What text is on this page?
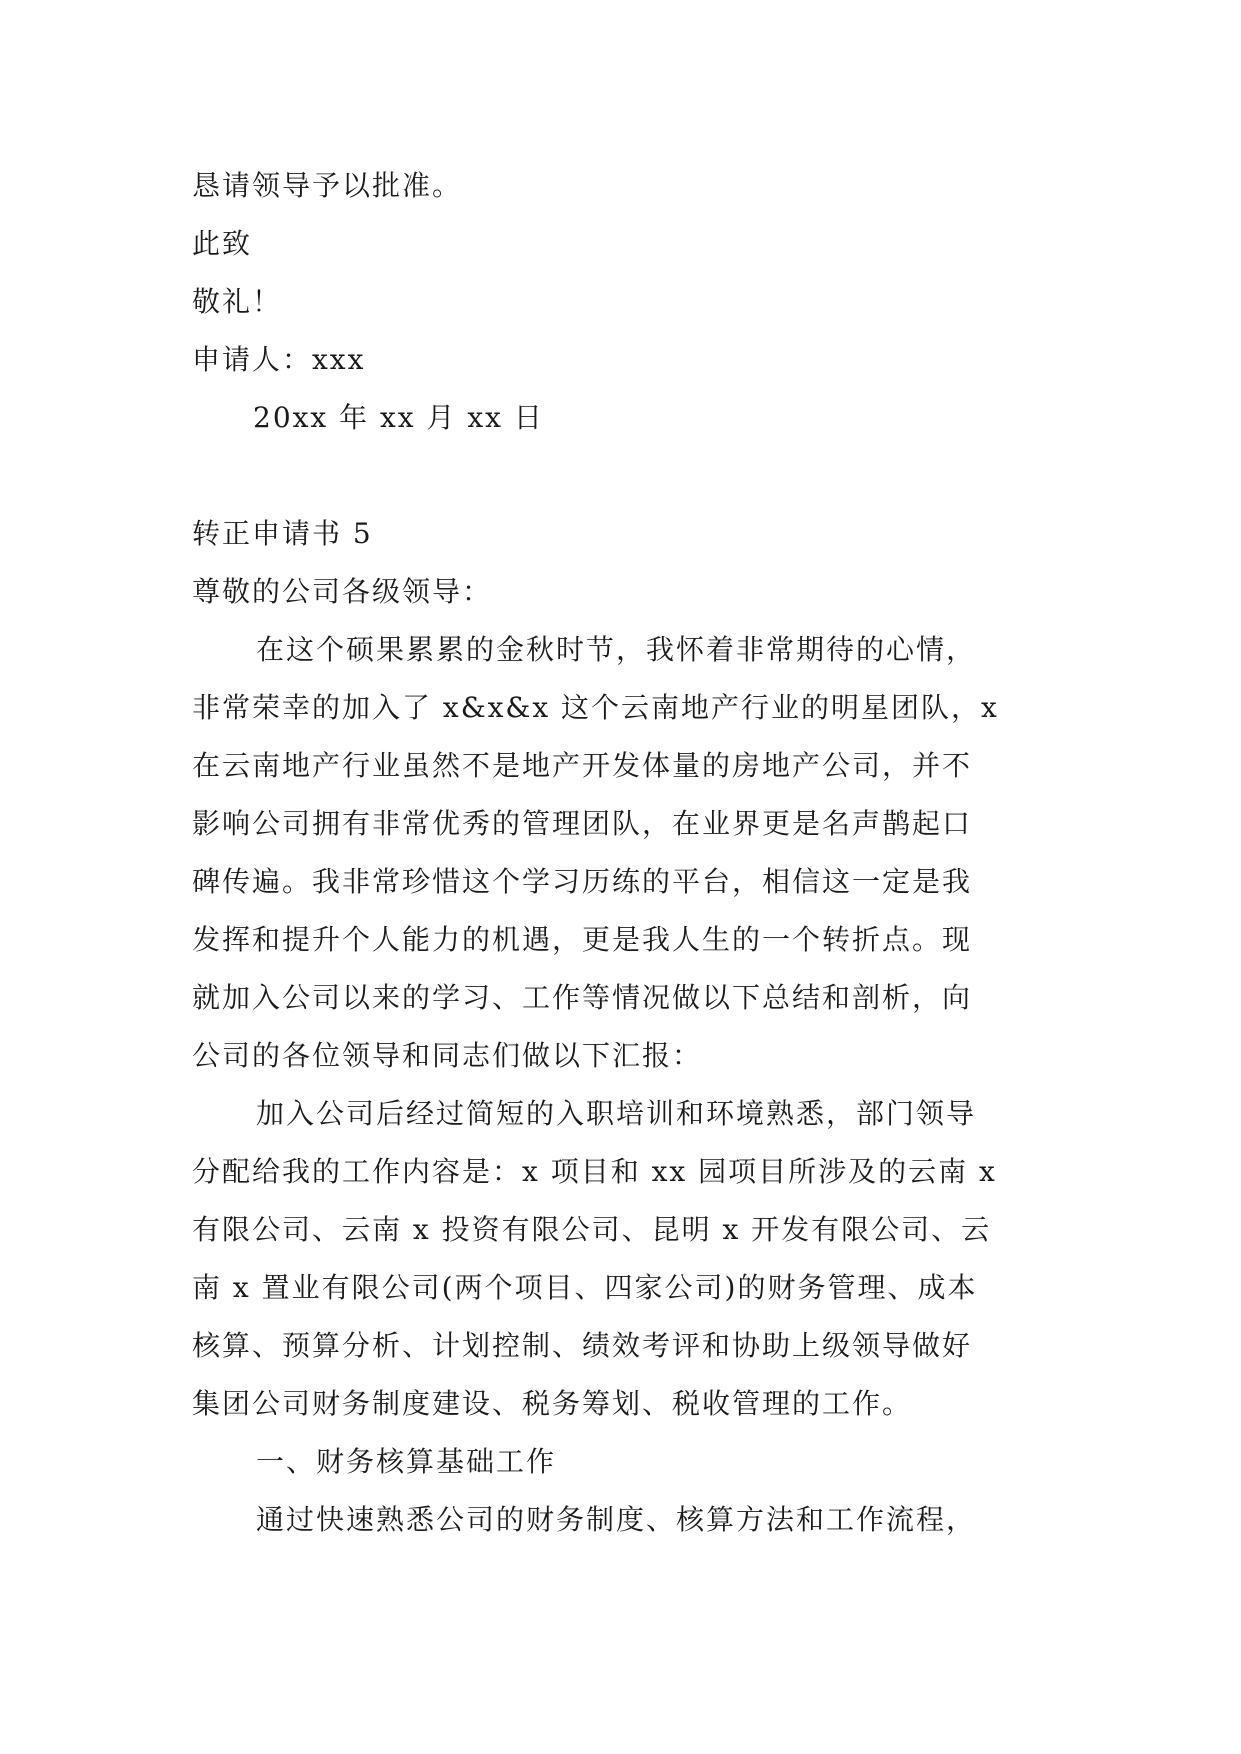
恳请领导予以批准。
此致
敬礼！
申请人：xxx
20xx 年 xx 月 xx 日
转正申请书 5
尊敬的公司各级领导：
在这个硕果累累的金秋时节，我怀着非常期待的心情，
非常荣幸的加入了 x&x&x 这个云南地产行业的明星团队，x
在云南地产行业虽然不是地产开发体量的房地产公司，并不
影响公司拥有非常优秀的管理团队，在业界更是名声鹊起口
碑传遍。我非常珍惜这个学习历练的平台，相信这一定是我
发挥和提升个人能力的机遇，更是我人生的一个转折点。现
就加入公司以来的学习、工作等情况做以下总结和剖析，向
公司的各位领导和同志们做以下汇报：
加入公司后经过简短的入职培训和环境熟悉，部门领导
分配给我的工作内容是：x 项目和 xx 园项目所涉及的云南 x
有限公司、云南 x 投资有限公司、昆明 x 开发有限公司、云
南 x 置业有限公司(两个项目、四家公司)的财务管理、成本
核算、预算分析、计划控制、绩效考评和协助上级领导做好
集团公司财务制度建设、税务筹划、税收管理的工作。
一、财务核算基础工作
通过快速熟悉公司的财务制度、核算方法和工作流程，
